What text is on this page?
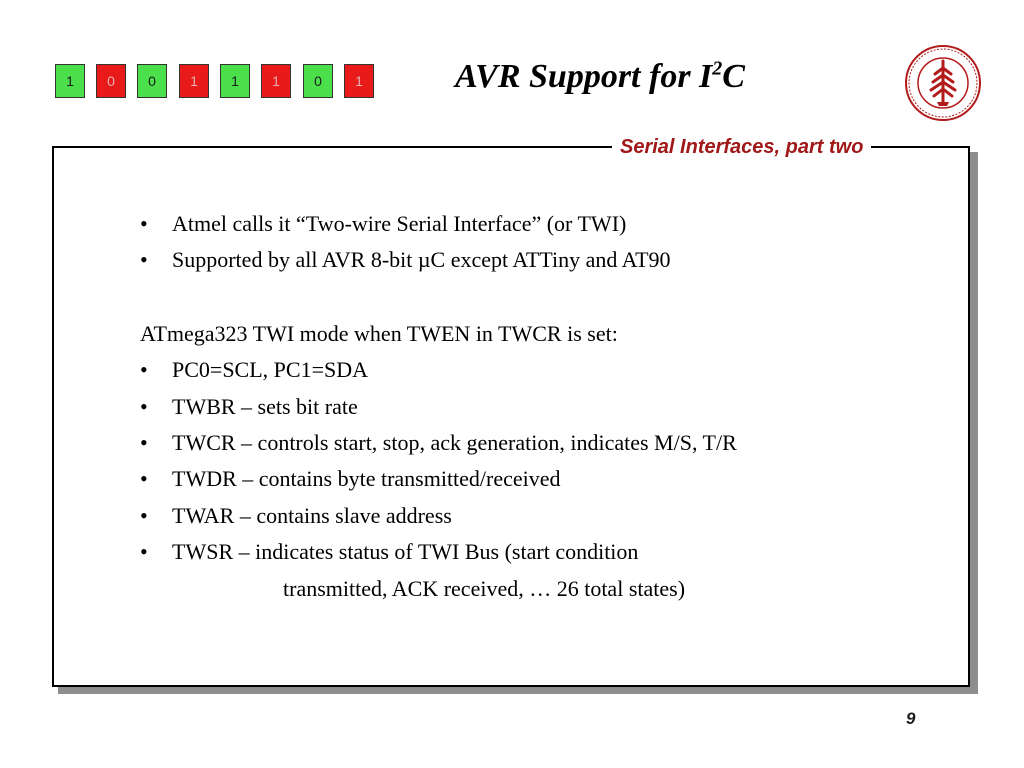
1	0	0	1	1	1	0	1	AVR Support for $I^2C$
Serial Interfaces, part two
• Atmel calls it “Two-wire Serial Interface” (or TWI)
• Supported by all AVR 8-bit µC except ATTiny and AT90
ATmega323 TWI mode when TWEN in TWCR is set:
• PC0=SCL, PC1=SDA
• TWBR – sets bit rate
• TWCR – controls start, stop, ack generation, indicates M/S, T/R
• TWDR – contains byte transmitted/received
• TWAR – contains slave address
• TWSR – indicates status of TWI Bus (start condition
transmitted, ACK received, … 26 total states)
9
